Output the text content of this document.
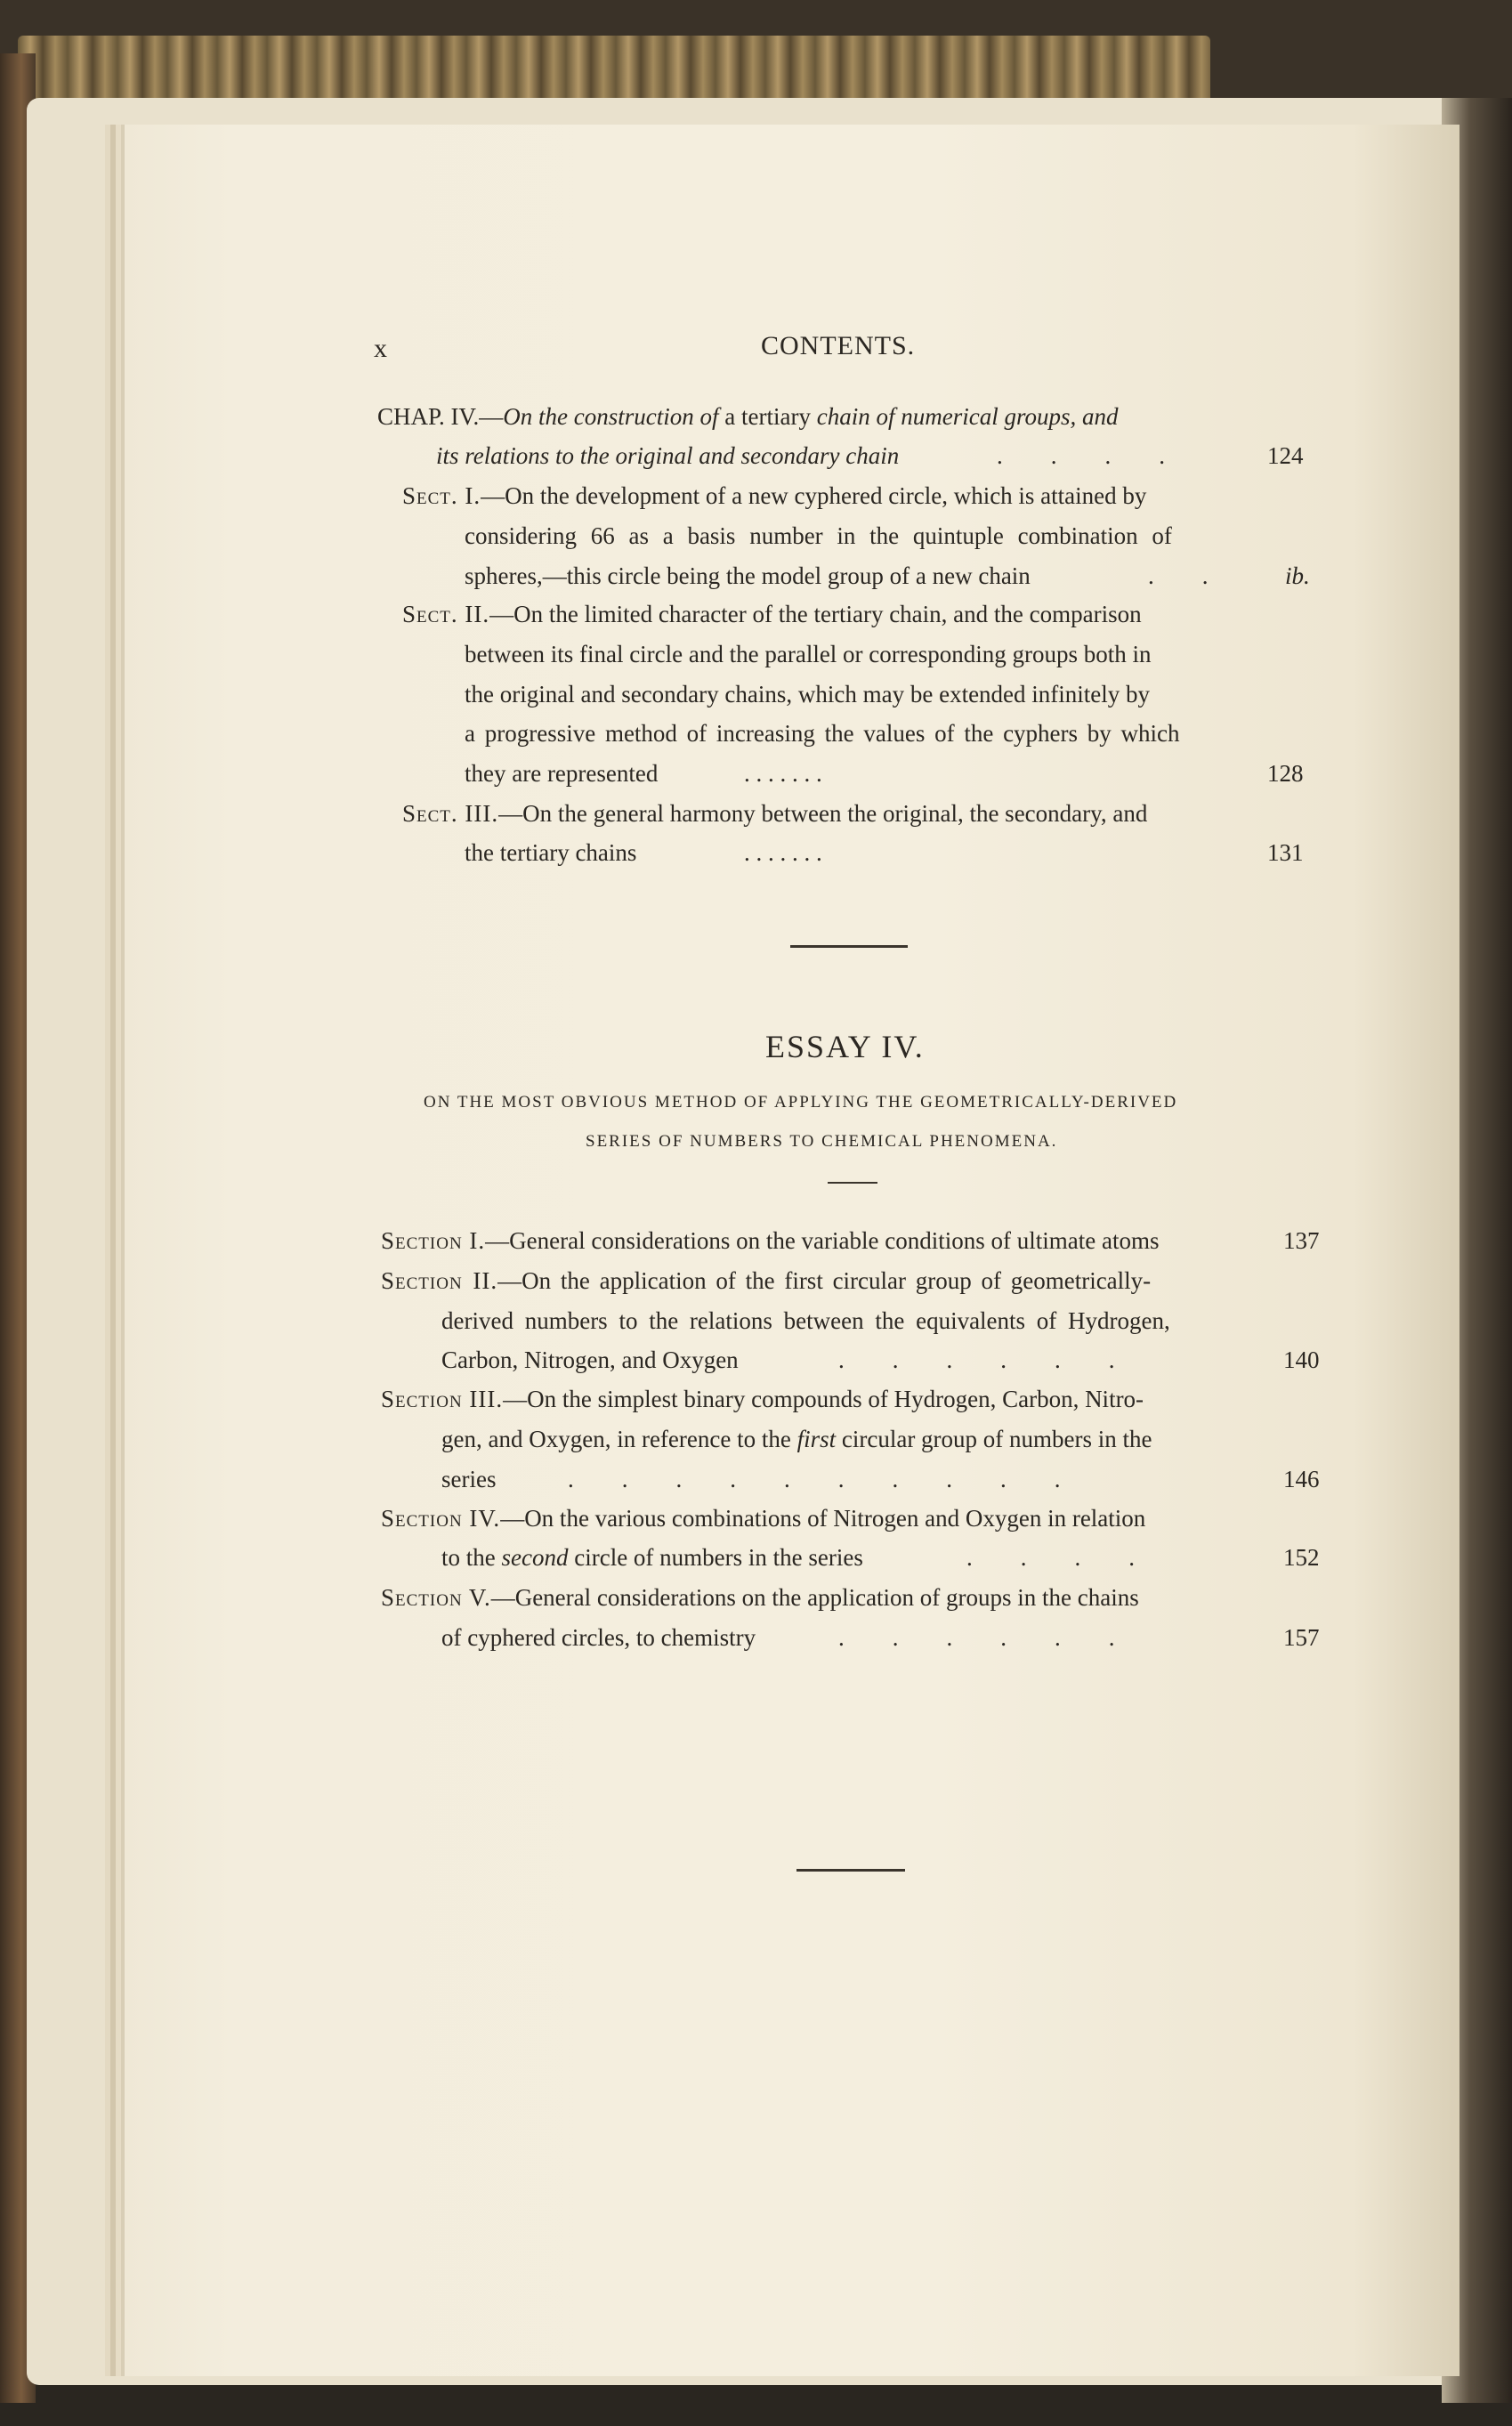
x	CONTENTS.
CHAP. IV.—On the construction of a tertiary chain of numerical groups, and
its relations to the original and secondary chain	.        .        .        .	124
Sect. I.—On the development of a new cyphered circle, which is attained by
considering 66 as a basis number in the quintuple combination of
spheres,—this circle being the model group of a new chain	.        .	ib.
Sect. II.—On the limited character of the tertiary chain, and the comparison
between its final circle and the parallel or corresponding groups both in
the original and secondary chains, which may be extended infinitely by
a progressive method of increasing the values of the cyphers by which
they are represented	. . . . . . .	128
Sect. III.—On the general harmony between the original, the secondary, and
the tertiary chains	. . . . . . .	131
ESSAY IV.
ON THE MOST OBVIOUS METHOD OF APPLYING THE GEOMETRICALLY-DERIVED
SERIES OF NUMBERS TO CHEMICAL PHENOMENA.
Section I.—General considerations on the variable conditions of ultimate atoms	137
Section II.—On the application of the first circular group of geometrically-
derived numbers to the relations between the equivalents of Hydrogen,
Carbon, Nitrogen, and Oxygen	.        .        .        .        .        .	140
Section III.—On the simplest binary compounds of Hydrogen, Carbon, Nitro-
gen, and Oxygen, in reference to the first circular group of numbers in the
series	.        .        .        .        .        .        .        .        .        .	146
Section IV.—On the various combinations of Nitrogen and Oxygen in relation
to the second circle of numbers in the series	.        .        .        .	152
Section V.—General considerations on the application of groups in the chains
of cyphered circles, to chemistry	.        .        .        .        .        .	157
